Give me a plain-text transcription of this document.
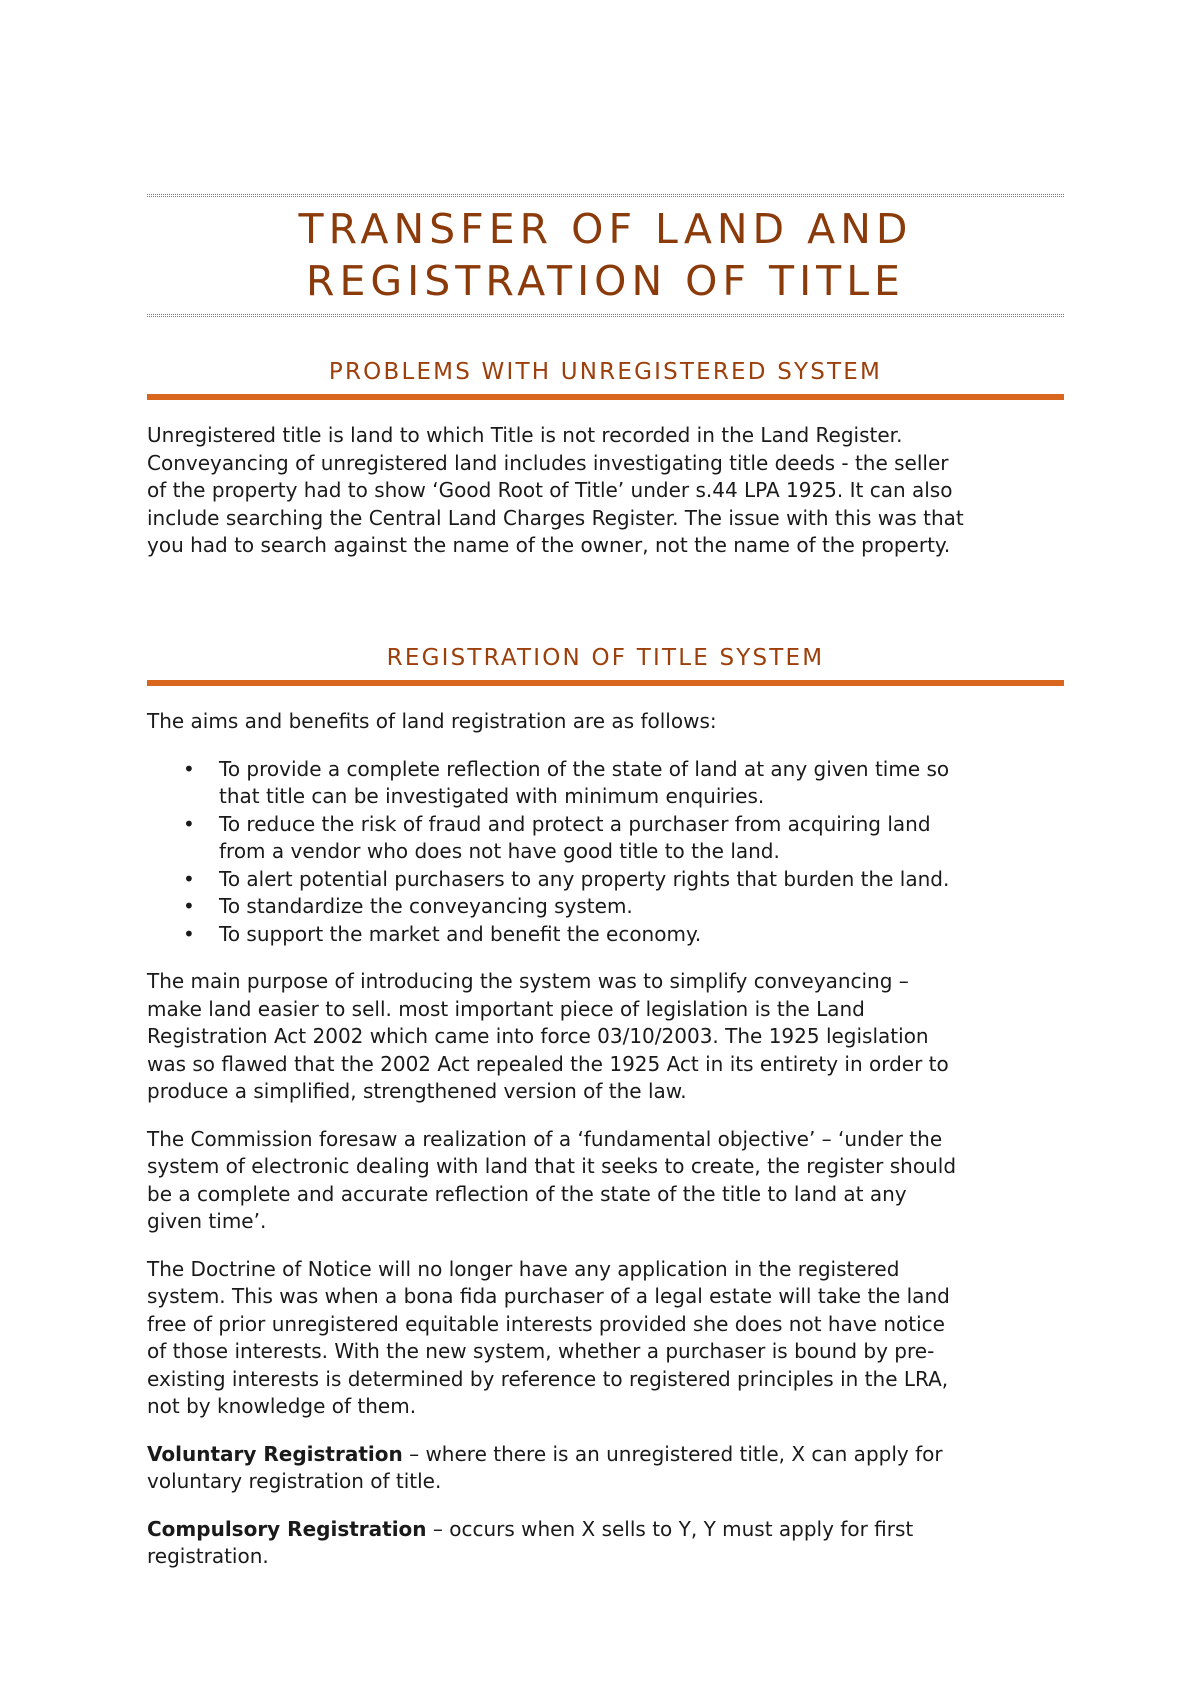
TRANSFER OF LAND AND
REGISTRATION OF TITLE
PROBLEMS WITH UNREGISTERED SYSTEM
Unregistered title is land to which Title is not recorded in the Land Register.
Conveyancing of unregistered land includes investigating title deeds - the seller
of the property had to show ‘Good Root of Title’ under s.44 LPA 1925. It can also
include searching the Central Land Charges Register. The issue with this was that
you had to search against the name of the owner, not the name of the property.
REGISTRATION OF TITLE SYSTEM
The aims and benefits of land registration are as follows:
• To provide a complete reflection of the state of land at any given time so
that title can be investigated with minimum enquiries.
• To reduce the risk of fraud and protect a purchaser from acquiring land
from a vendor who does not have good title to the land.
• To alert potential purchasers to any property rights that burden the land.
• To standardize the conveyancing system.
• To support the market and benefit the economy.
The main purpose of introducing the system was to simplify conveyancing –
make land easier to sell. most important piece of legislation is the Land
Registration Act 2002 which came into force 03/10/2003. The 1925 legislation
was so flawed that the 2002 Act repealed the 1925 Act in its entirety in order to
produce a simplified, strengthened version of the law.
The Commission foresaw a realization of a ‘fundamental objective’ – ‘under the
system of electronic dealing with land that it seeks to create, the register should
be a complete and accurate reflection of the state of the title to land at any
given time’.
The Doctrine of Notice will no longer have any application in the registered
system. This was when a bona fida purchaser of a legal estate will take the land
free of prior unregistered equitable interests provided she does not have notice
of those interests. With the new system, whether a purchaser is bound by pre-
existing interests is determined by reference to registered principles in the LRA,
not by knowledge of them.
Voluntary Registration – where there is an unregistered title, X can apply for
voluntary registration of title.
Compulsory Registration – occurs when X sells to Y, Y must apply for first
registration.
